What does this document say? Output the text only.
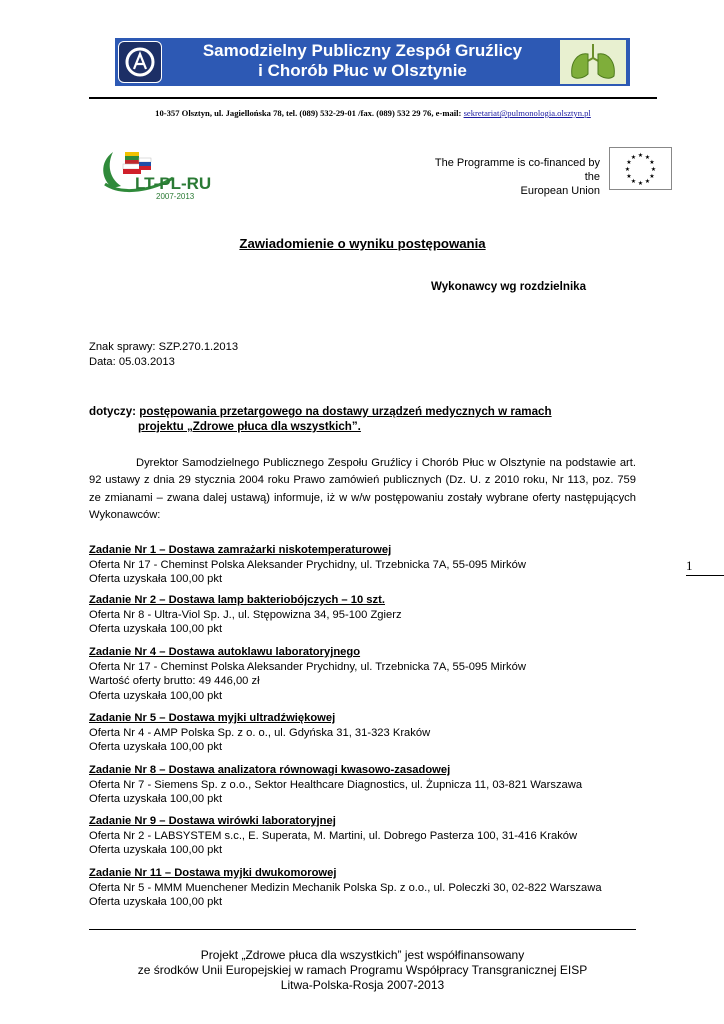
Samodzielny Publiczny Zespół Gruźlicy
i Chorób Płuc w Olsztynie
10-357 Olsztyn, ul. Jagiellońska 78, tel. (089) 532-29-01 /fax. (089) 532 29 76, e-mail: sekretariat@pulmonologia.olsztyn.pl
LT-PL-RU
2007-2013
The Programme is co-financed by the
European Union
★ ★
★
★
★
★
★
★
★
★
★
★
Zawiadomienie o wyniku postępowania
Wykonawcy wg rozdzielnika
Znak sprawy: SZP.270.1.2013
Data: 05.03.2013
dotyczy: postępowania przetargowego na dostawy urządzeń medycznych w ramach
projektu „Zdrowe płuca dla wszystkich”.
Dyrektor Samodzielnego Publicznego Zespołu Gruźlicy i Chorób Płuc w Olsztynie na podstawie art. 92 ustawy z dnia 29 stycznia 2004 roku Prawo zamówień publicznych (Dz. U. z 2010 roku, Nr 113, poz. 759 ze zmianami – zwana dalej ustawą) informuje, iż w w/w postępowaniu zostały wybrane oferty następujących Wykonawców:
Zadanie Nr 1 – Dostawa zamrażarki niskotemperaturowej
Oferta Nr 17 - Cheminst Polska Aleksander Prychidny, ul. Trzebnicka 7A, 55-095 Mirków
Oferta uzyskała 100,00 pkt
Zadanie Nr 2 – Dostawa lamp bakteriobójczych – 10 szt.
Oferta Nr 8 - Ultra-Viol Sp. J., ul. Stępowizna 34, 95-100 Zgierz
Oferta uzyskała 100,00 pkt
Zadanie Nr 4 – Dostawa autoklawu laboratoryjnego
Oferta Nr 17 - Cheminst Polska Aleksander Prychidny, ul. Trzebnicka 7A, 55-095 Mirków
Wartość oferty brutto: 49 446,00 zł
Oferta uzyskała 100,00 pkt
Zadanie Nr 5 – Dostawa myjki ultradźwiękowej
Oferta Nr 4 - AMP Polska Sp. z o. o., ul. Gdyńska 31, 31-323 Kraków
Oferta uzyskała 100,00 pkt
Zadanie Nr 8 – Dostawa analizatora równowagi kwasowo-zasadowej
Oferta Nr 7 - Siemens Sp. z o.o., Sektor Healthcare Diagnostics, ul. Żupnicza 11, 03-821 Warszawa
Oferta uzyskała 100,00 pkt
Zadanie Nr 9 – Dostawa wirówki laboratoryjnej
Oferta Nr 2 - LABSYSTEM s.c., E. Superata, M. Martini, ul. Dobrego Pasterza 100, 31-416 Kraków
Oferta uzyskała 100,00 pkt
Zadanie Nr 11 – Dostawa myjki dwukomorowej
Oferta Nr 5 - MMM Muenchener Medizin Mechanik Polska Sp. z o.o., ul. Poleczki 30, 02-822 Warszawa
Oferta uzyskała 100,00 pkt
1
Projekt „Zdrowe płuca dla wszystkich” jest współfinansowany
ze środków Unii Europejskiej w ramach Programu Współpracy Transgranicznej EISP
Litwa-Polska-Rosja 2007-2013
